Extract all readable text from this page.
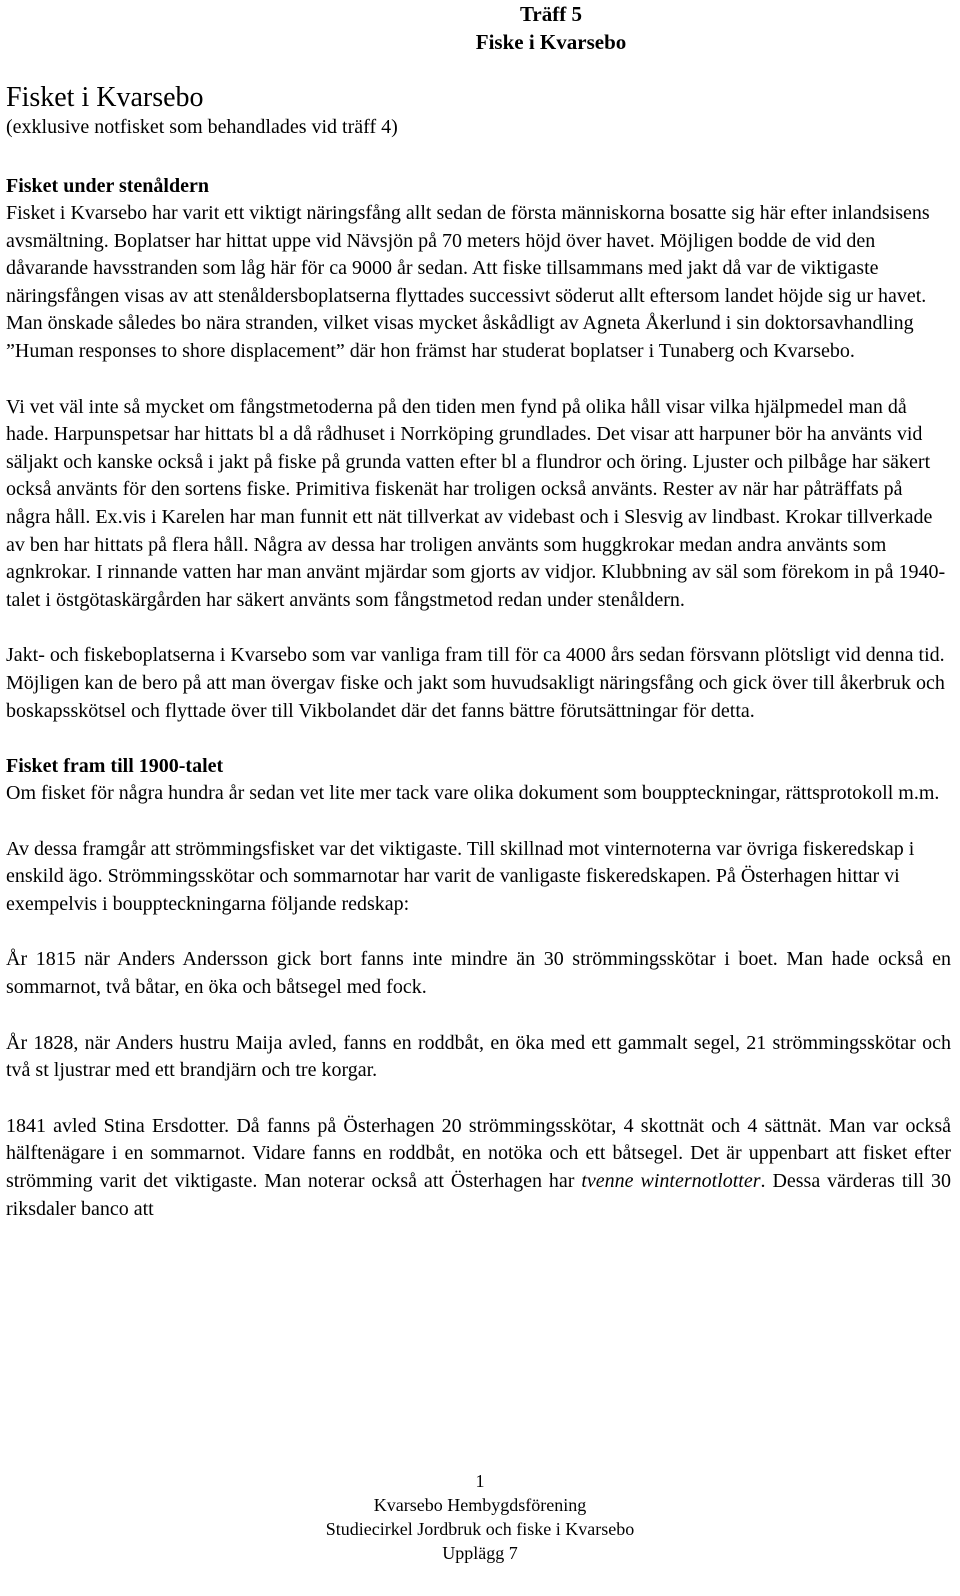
Träff 5
Fiske i Kvarsebo
Fisket i Kvarsebo
(exklusive notfisket som behandlades vid träff 4)
Fisket under stenåldern

Fisket i Kvarsebo har varit ett viktigt näringsfång allt sedan de första människorna bosatte sig här efter inlandsisens avsmältning. Boplatser har hittat uppe vid Nävsjön på 70 meters höjd över havet. Möjligen bodde de vid den dåvarande havsstranden som låg här för ca 9000 år sedan. Att fiske tillsammans med jakt då var de viktigaste näringsfången visas av att stenåldersboplatserna flyttades successivt söderut allt eftersom landet höjde sig ur havet. Man önskade således bo nära stranden, vilket visas mycket åskådligt av Agneta Åkerlund i sin doktorsavhandling ”Human responses to shore displacement” där hon främst har studerat boplatser i Tunaberg och Kvarsebo.

Vi vet väl inte så mycket om fångstmetoderna på den tiden men fynd på olika håll visar vilka hjälpmedel man då hade. Harpunspetsar har hittats bl a då rådhuset i Norrköping grundlades. Det visar att harpuner bör ha använts vid säljakt och kanske också i jakt på fiske på grunda vatten efter bl a flundror och öring. Ljuster och pilbåge har säkert också använts för den sortens fiske. Primitiva fiskenät har troligen också använts. Rester av när har påträffats på några håll. Ex.vis i Karelen har man funnit ett nät tillverkat av videbast och i Slesvig av lindbast. Krokar tillverkade av ben har hittats på flera håll. Några av dessa har troligen använts som huggkrokar medan andra använts som agnkrokar. I rinnande vatten har man använt mjärdar som gjorts av vidjor. Klubbning av säl som förekom in på 1940-talet i östgötaskärgården har säkert använts som fångstmetod redan under stenåldern.

Jakt- och fiskeboplatserna i Kvarsebo som var vanliga fram till för ca 4000 års sedan försvann plötsligt vid denna tid. Möjligen kan de bero på att man övergav fiske och jakt som huvudsakligt näringsfång och gick över till åkerbruk och boskapsskötsel och flyttade över till Vikbolandet där det fanns bättre förutsättningar för detta.

Fisket fram till 1900-talet

Om fisket för några hundra år sedan vet lite mer tack vare olika dokument som bouppteckningar, rättsprotokoll m.m.

Av dessa framgår att strömmingsfisket var det viktigaste. Till skillnad mot vinternoterna var övriga fiskeredskap i enskild ägo. Strömmingsskötar och sommarnotar har varit de vanligaste fiskeredskapen. På Österhagen hittar vi exempelvis i bouppteckningarna följande redskap:

År 1815 när Anders Andersson gick bort fanns inte mindre än 30 strömmingsskötar i boet. Man hade också en sommarnot, två båtar, en öka och båtsegel med fock.

År 1828, när Anders hustru Maija avled, fanns en roddbåt, en öka med ett gammalt segel, 21 strömmingsskötar och två st ljustrar med ett brandjärn och tre korgar.

1841 avled Stina Ersdotter. Då fanns på Österhagen 20 strömmingsskötar, 4 skottnät och 4 sättnät. Man var också hälftenägare i en sommarnot. Vidare fanns en roddbåt, en notöka och ett båtsegel. Det är uppenbart att fisket efter strömming varit det viktigaste. Man noterar också att Österhagen har tvenne winternotlotter. Dessa värderas till 30 riksdaler banco att

1
Kvarsebo Hembygdsförening
Studiecirkel Jordbruk och fiske i Kvarsebo
Upplägg 7
